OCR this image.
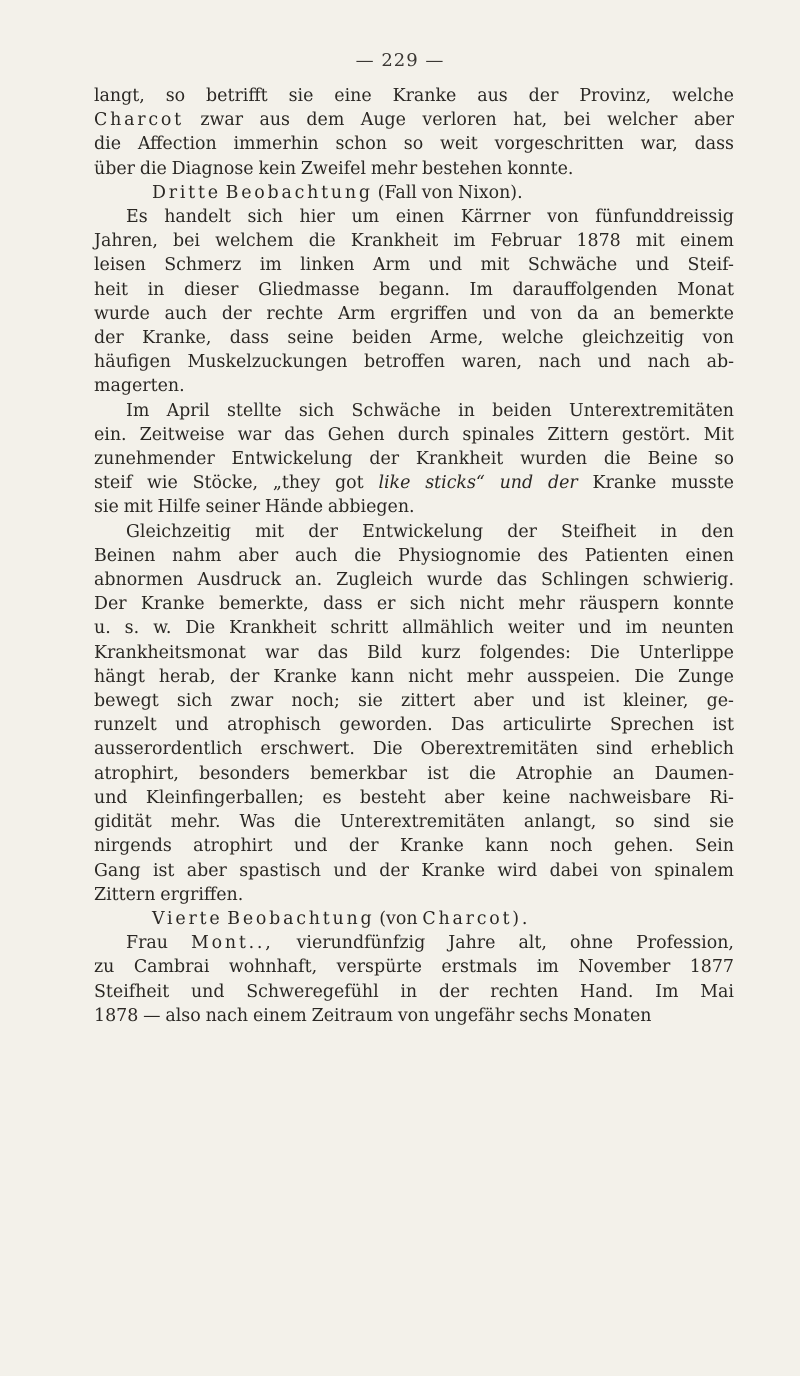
— 229 —
langt, so betrifft sie eine Kranke aus der Provinz, welche
Charcot zwar aus dem Auge verloren hat, bei welcher aber
die Affection immerhin schon so weit vorgeschritten war, dass
über die Diagnose kein Zweifel mehr bestehen konnte.
Dritte Beobachtung (Fall von Nixon).
Es handelt sich hier um einen Kärrner von fünfunddreissig
Jahren, bei welchem die Krankheit im Februar 1878 mit einem
leisen Schmerz im linken Arm und mit Schwäche und Steif-
heit in dieser Gliedmasse begann. Im darauffolgenden Monat
wurde auch der rechte Arm ergriffen und von da an bemerkte
der Kranke, dass seine beiden Arme, welche gleichzeitig von
häufigen Muskelzuckungen betroffen waren, nach und nach ab-
magerten.
Im April stellte sich Schwäche in beiden Unterextremitäten
ein. Zeitweise war das Gehen durch spinales Zittern gestört. Mit
zunehmender Entwickelung der Krankheit wurden die Beine so
steif wie Stöcke, „they got like sticks“ und der Kranke musste
sie mit Hilfe seiner Hände abbiegen.
Gleichzeitig mit der Entwickelung der Steifheit in den
Beinen nahm aber auch die Physiognomie des Patienten einen
abnormen Ausdruck an. Zugleich wurde das Schlingen schwierig.
Der Kranke bemerkte, dass er sich nicht mehr räuspern konnte
u. s. w. Die Krankheit schritt allmählich weiter und im neunten
Krankheitsmonat war das Bild kurz folgendes: Die Unterlippe
hängt herab, der Kranke kann nicht mehr ausspeien. Die Zunge
bewegt sich zwar noch; sie zittert aber und ist kleiner, ge-
runzelt und atrophisch geworden. Das articulirte Sprechen ist
ausserordentlich erschwert. Die Oberextremitäten sind erheblich
atrophirt, besonders bemerkbar ist die Atrophie an Daumen-
und Kleinfingerballen; es besteht aber keine nachweisbare Ri-
gidität mehr. Was die Unterextremitäten anlangt, so sind sie
nirgends atrophirt und der Kranke kann noch gehen. Sein
Gang ist aber spastisch und der Kranke wird dabei von spinalem
Zittern ergriffen.
Vierte Beobachtung (von Charcot).
Frau Mont.., vierundfünfzig Jahre alt, ohne Profession,
zu Cambrai wohnhaft, verspürte erstmals im November 1877
Steifheit und Schweregefühl in der rechten Hand. Im Mai
1878 — also nach einem Zeitraum von ungefähr sechs Monaten
